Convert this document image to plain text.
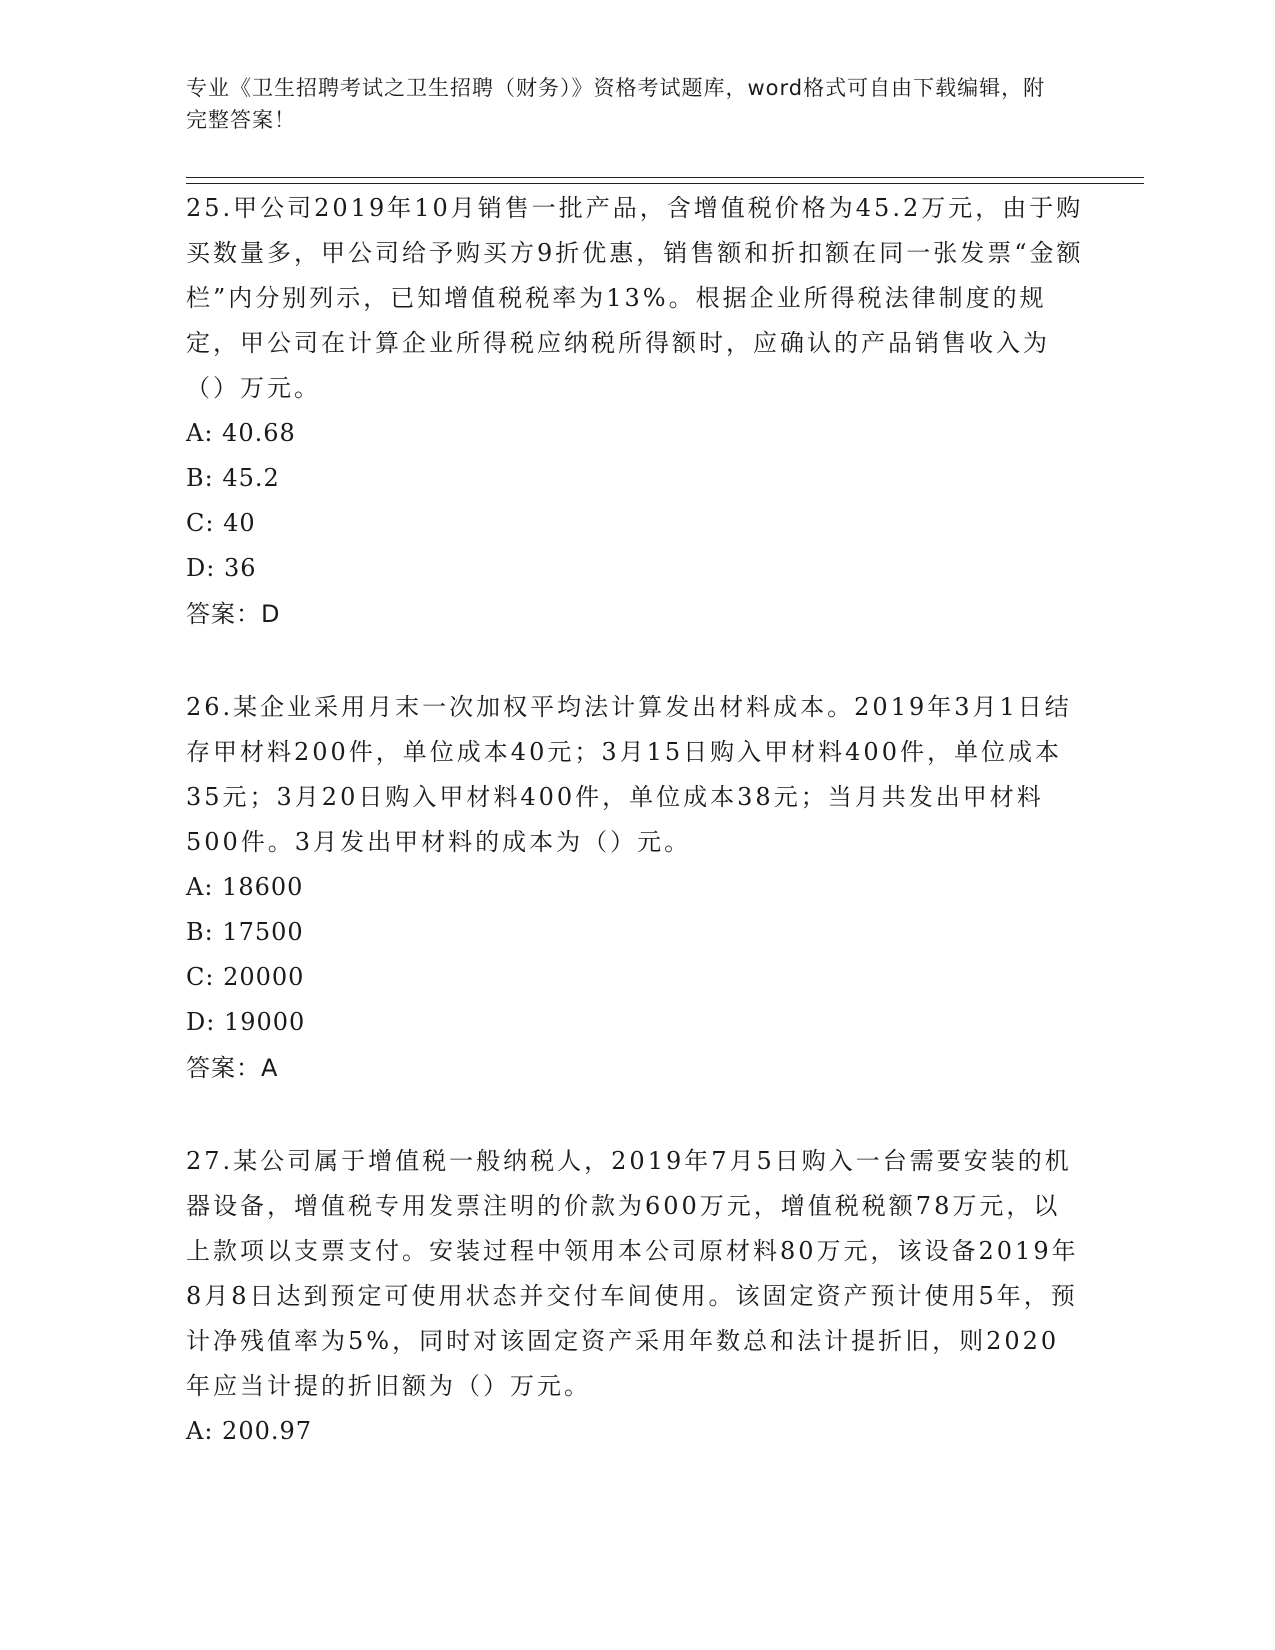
专业《卫生招聘考试之卫生招聘（财务）》资格考试题库，word格式可自由下载编辑，附完整答案！

25.甲公司2019年10月销售一批产品，含增值税价格为45.2万元，由于购买数量多，甲公司给予购买方9折优惠，销售额和折扣额在同一张发票“金额栏”内分别列示，已知增值税税率为13%。根据企业所得税法律制度的规定，甲公司在计算企业所得税应纳税所得额时，应确认的产品销售收入为（）万元。

A: 40.68

B: 45.2

C: 40

D: 36

答案：D

26.某企业采用月末一次加权平均法计算发出材料成本。2019年3月1日结存甲材料200件，单位成本40元；3月15日购入甲材料400件，单位成本35元；3月20日购入甲材料400件，单位成本38元；当月共发出甲材料500件。3月发出甲材料的成本为（）元。

A: 18600

B: 17500

C: 20000

D: 19000

答案：A

27.某公司属于增值税一般纳税人，2019年7月5日购入一台需要安装的机器设备，增值税专用发票注明的价款为600万元，增值税税额78万元，以上款项以支票支付。安装过程中领用本公司原材料80万元，该设备2019年8月8日达到预定可使用状态并交付车间使用。该固定资产预计使用5年，预计净残值率为5%，同时对该固定资产采用年数总和法计提折旧，则2020年应当计提的折旧额为（）万元。

A: 200.97
